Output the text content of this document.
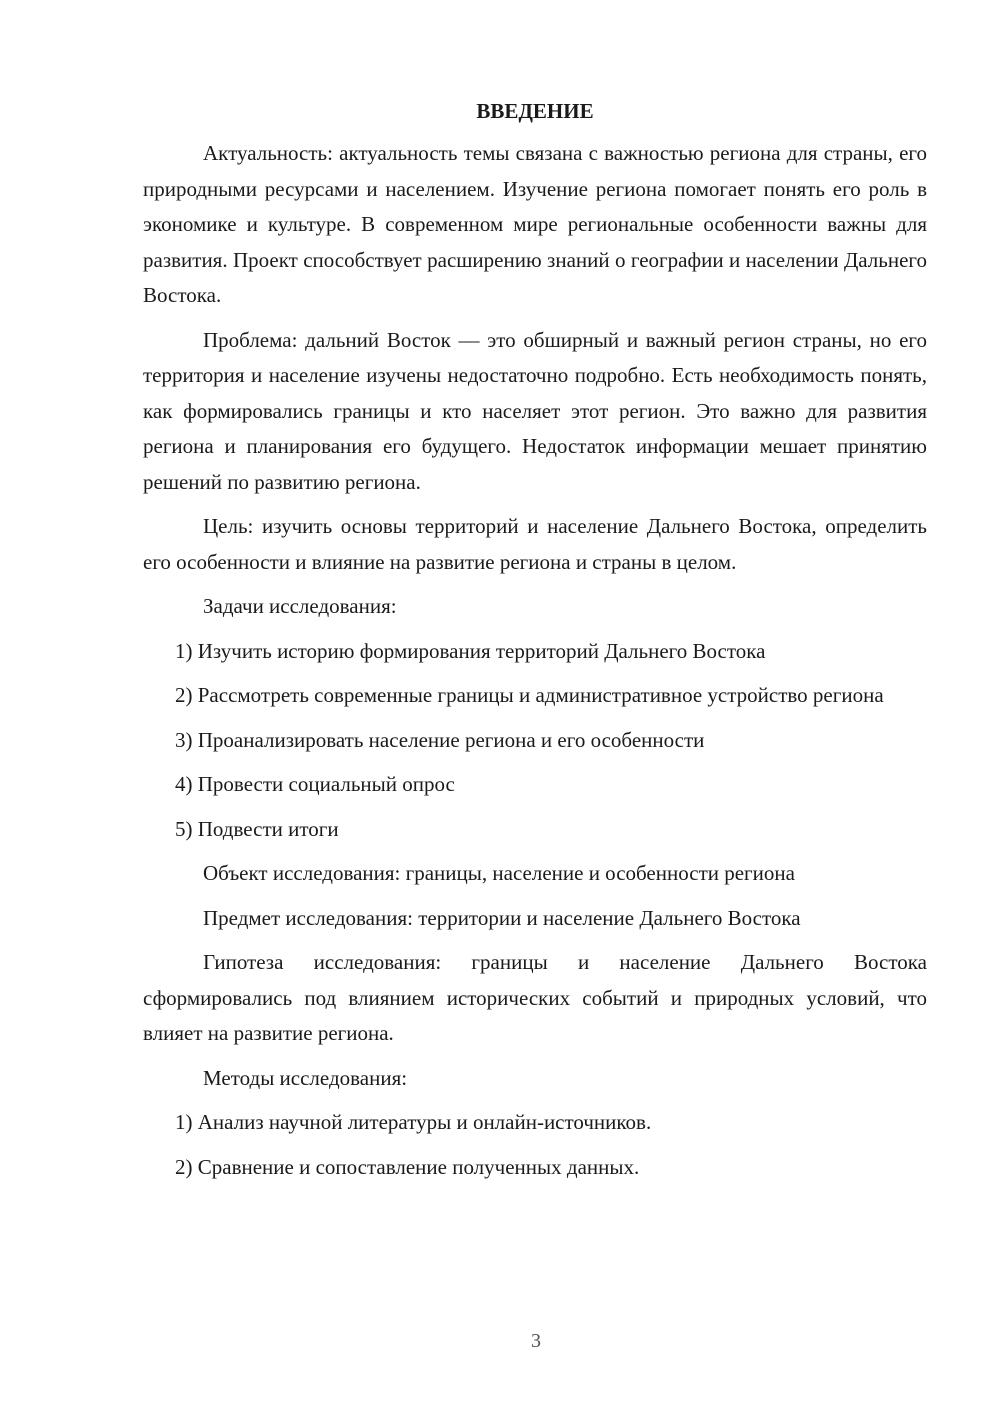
ВВЕДЕНИЕ
Актуальность: актуальность темы связана с важностью региона для страны, его природными ресурсами и населением. Изучение региона помогает понять его роль в экономике и культуре. В современном мире региональные особенности важны для развития. Проект способствует расширению знаний о географии и населении Дальнего Востока.
Проблема: дальний Восток — это обширный и важный регион страны, но его территория и население изучены недостаточно подробно. Есть необходимость понять, как формировались границы и кто населяет этот регион. Это важно для развития региона и планирования его будущего. Недостаток информации мешает принятию решений по развитию региона.
Цель: изучить основы территорий и население Дальнего Востока, определить его особенности и влияние на развитие региона и страны в целом.
Задачи исследования:
1) Изучить историю формирования территорий Дальнего Востока
2) Рассмотреть современные границы и административное устройство региона
3) Проанализировать население региона и его особенности
4) Провести социальный опрос
5) Подвести итоги
Объект исследования: границы, население и особенности региона
Предмет исследования: территории и население Дальнего Востока
Гипотеза исследования: границы и население Дальнего Востока сформировались под влиянием исторических событий и природных условий, что влияет на развитие региона.
Методы исследования:
1) Анализ научной литературы и онлайн-источников.
2) Сравнение и сопоставление полученных данных.
3
